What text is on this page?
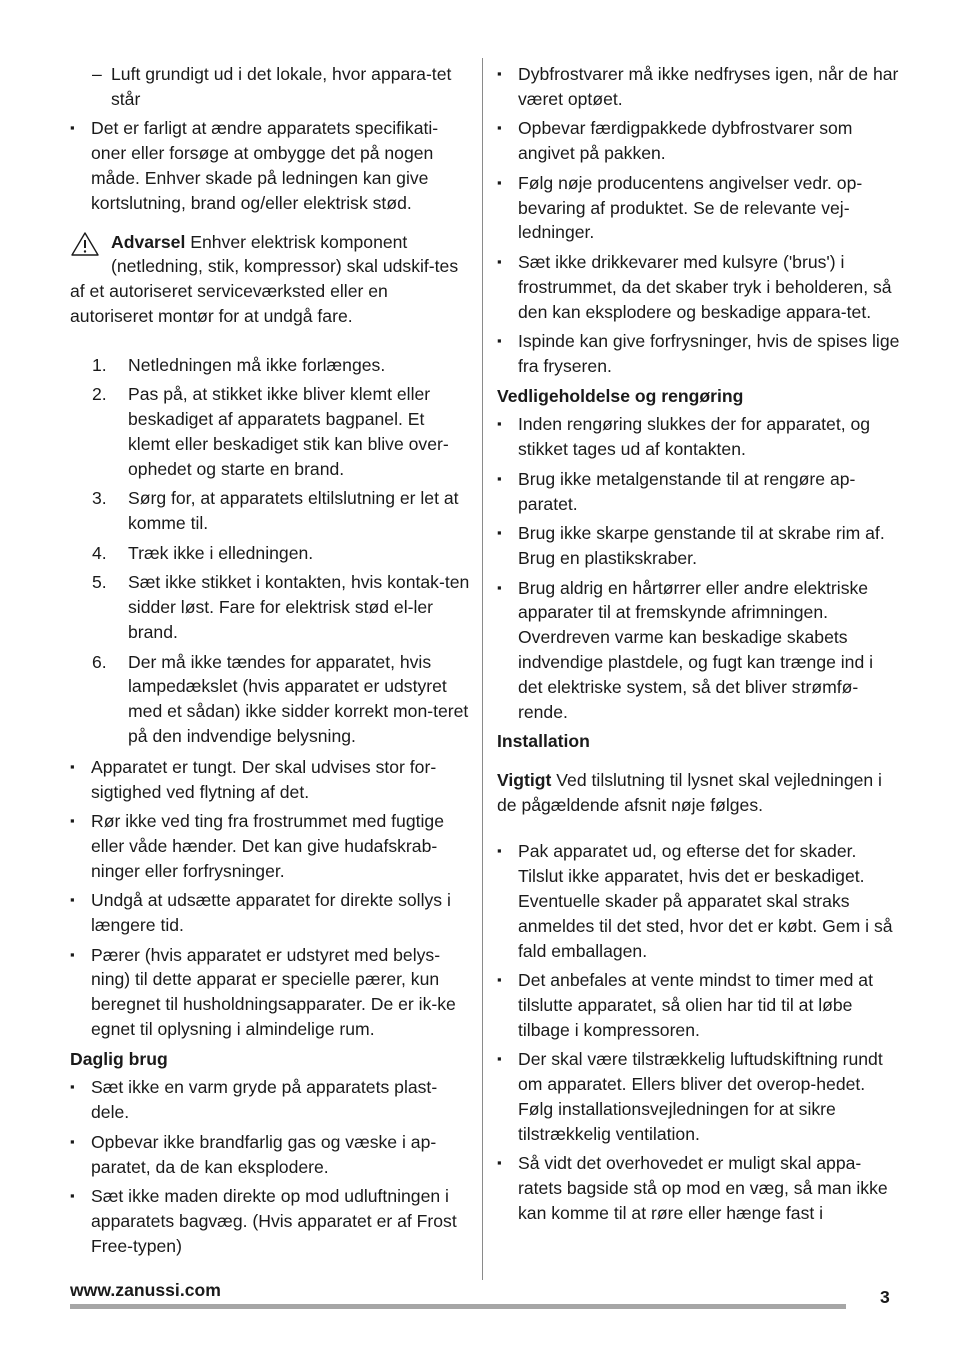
– Luft grundigt ud i det lokale, hvor appara-tet står
▪ Det er farligt at ændre apparatets specifikati-oner eller forsøge at ombygge det på nogen måde. Enhver skade på ledningen kan give kortslutning, brand og/eller elektrisk stød.
Advarsel Enhver elektrisk komponent (netledning, stik, kompressor) skal udskif-tes af et autoriseret serviceværksted eller en autoriseret montør for at undgå fare.
1. Netledningen må ikke forlænges.
2. Pas på, at stikket ikke bliver klemt eller beskadiget af apparatets bagpanel. Et klemt eller beskadiget stik kan blive over-ophedet og starte en brand.
3. Sørg for, at apparatets eltilslutning er let at komme til.
4. Træk ikke i elledningen.
5. Sæt ikke stikket i kontakten, hvis kontak-ten sidder løst. Fare for elektrisk stød el-ler brand.
6. Der må ikke tændes for apparatet, hvis lampedækslet (hvis apparatet er udstyret med et sådan) ikke sidder korrekt mon-teret på den indvendige belysning.
▪ Apparatet er tungt. Der skal udvises stor for-sigtighed ved flytning af det.
▪ Rør ikke ved ting fra frostrummet med fugtige eller våde hænder. Det kan give hudafskrab-ninger eller forfrysninger.
▪ Undgå at udsætte apparatet for direkte sollys i længere tid.
▪ Pærer (hvis apparatet er udstyret med belys-ning) til dette apparat er specielle pærer, kun beregnet til husholdningsapparater. De er ik-ke egnet til oplysning i almindelige rum.
Daglig brug
▪ Sæt ikke en varm gryde på apparatets plast-dele.
▪ Opbevar ikke brandfarlig gas og væske i ap-paratet, da de kan eksplodere.
▪ Sæt ikke maden direkte op mod udluftningen i apparatets bagvæg. (Hvis apparatet er af Frost Free-typen)
▪ Dybfrostvarer må ikke nedfryses igen, når de har været optøet.
▪ Opbevar færdigpakkede dybfrostvarer som angivet på pakken.
▪ Følg nøje producentens angivelser vedr. op-bevaring af produktet. Se de relevante vej-ledninger.
▪ Sæt ikke drikkevarer med kulsyre ('brus') i frostrummet, da det skaber tryk i beholderen, så den kan eksplodere og beskadige appara-tet.
▪ Ispinde kan give forfrysninger, hvis de spises lige fra fryseren.
Vedligeholdelse og rengøring
▪ Inden rengøring slukkes der for apparatet, og stikket tages ud af kontakten.
▪ Brug ikke metalgenstande til at rengøre ap-paratet.
▪ Brug ikke skarpe genstande til at skrabe rim af. Brug en plastikskraber.
▪ Brug aldrig en hårtørrer eller andre elektriske apparater til at fremskynde afrimningen. Overdreven varme kan beskadige skabets indvendige plastdele, og fugt kan trænge ind i det elektriske system, så det bliver strømfø-rende.
Installation
Vigtigt Ved tilslutning til lysnet skal vejledningen i de pågældende afsnit nøje følges.
▪ Pak apparatet ud, og efterse det for skader. Tilslut ikke apparatet, hvis det er beskadiget. Eventuelle skader på apparatet skal straks anmeldes til det sted, hvor det er købt. Gem i så fald emballagen.
▪ Det anbefales at vente mindst to timer med at tilslutte apparatet, så olien har tid til at løbe tilbage i kompressoren.
▪ Der skal være tilstrækkelig luftudskiftning rundt om apparatet. Ellers bliver det overop-hedet. Følg installationsvejledningen for at sikre tilstrækkelig ventilation.
▪ Så vidt det overhovedet er muligt skal appa-ratets bagside stå op mod en væg, så man ikke kan komme til at røre eller hænge fast i
www.zanussi.com	3
